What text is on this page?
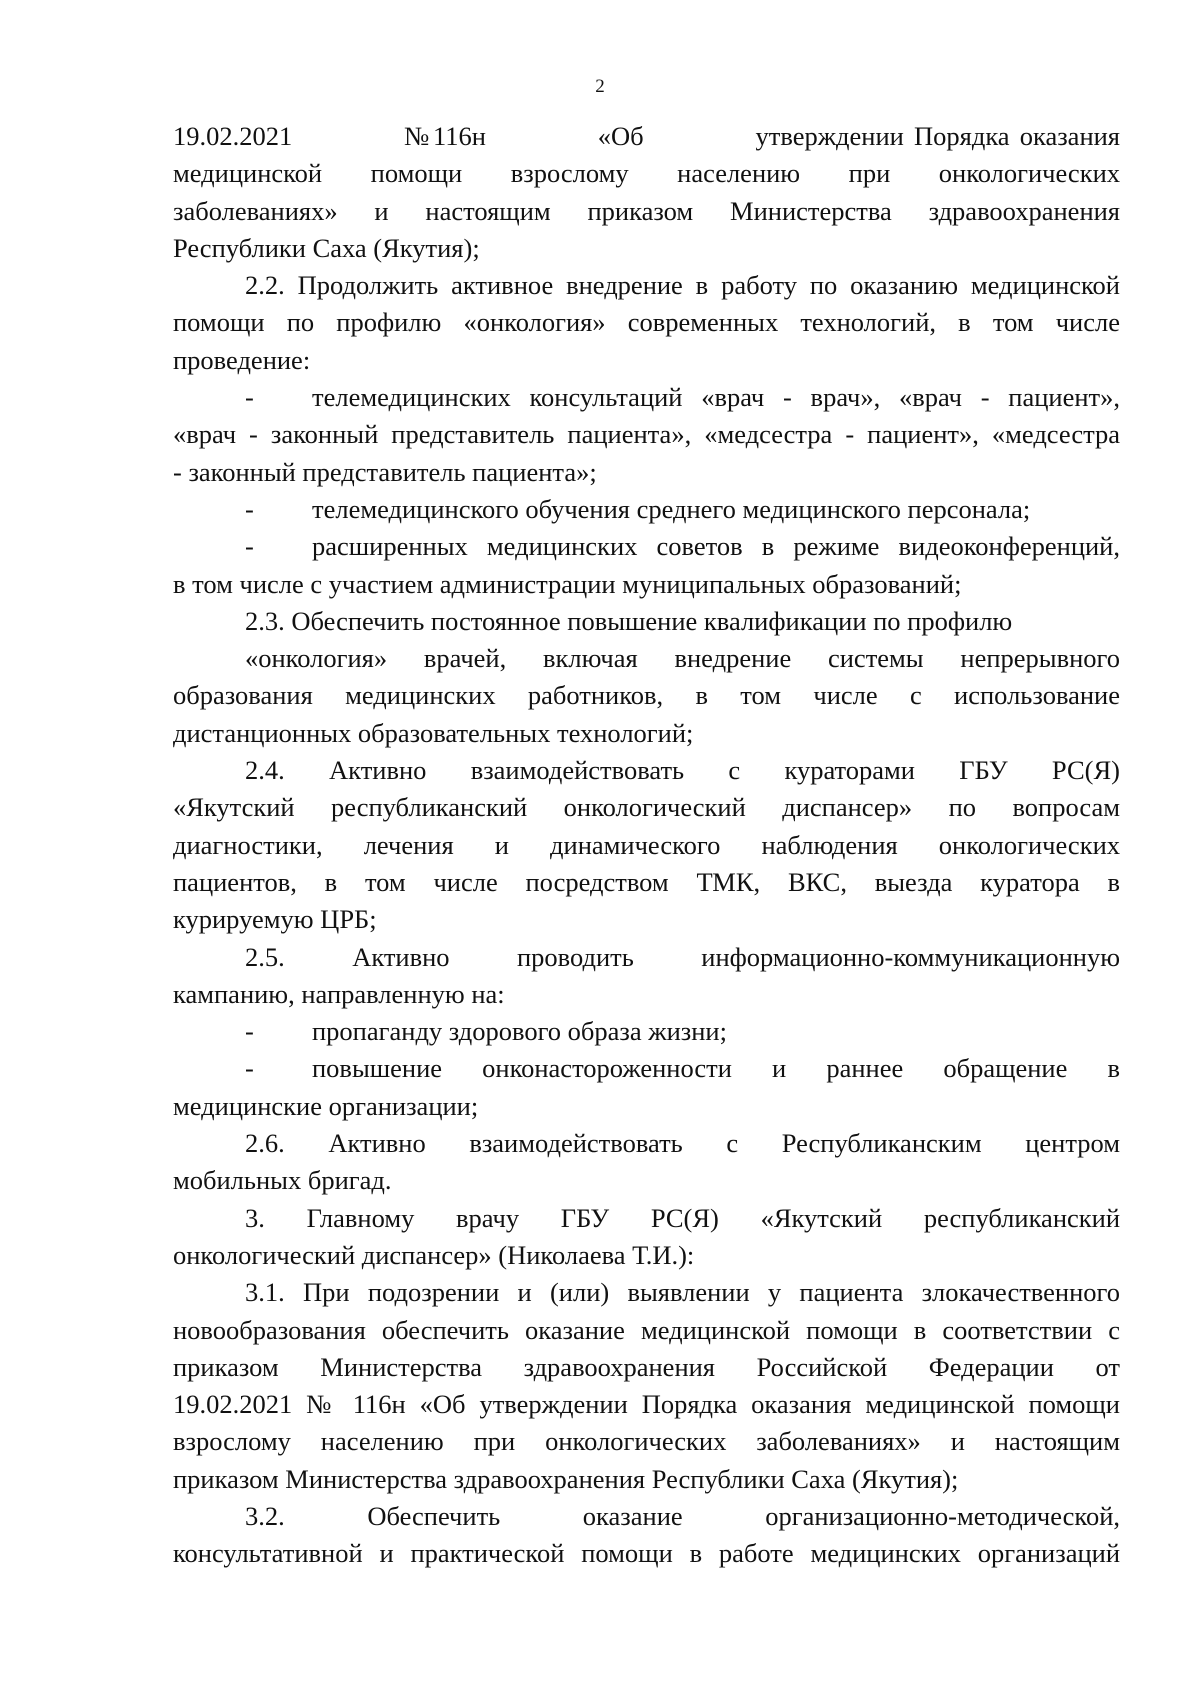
2
19.02.2021           №116н           «Об           утверждении Порядка оказания
медицинской помощи взрослому населению при онкологических
заболеваниях» и настоящим приказом Министерства здравоохранения
Республики Саха (Якутия);
2.2. Продолжить активное внедрение в работу по оказанию медицинской
помощи по профилю «онкология» современных технологий, в том числе
проведение:
- телемедицинских консультаций «врач - врач», «врач - пациент»,
«врач - законный представитель пациента», «медсестра - пациент», «медсестра
- законный представитель пациента»;
- телемедицинского обучения среднего медицинского персонала;
- расширенных медицинских советов в режиме видеоконференций,
в том числе с участием администрации муниципальных образований;
2.3. Обеспечить постоянное повышение квалификации по профилю
«онкология» врачей, включая внедрение системы непрерывного
образования медицинских работников, в том числе с использование
дистанционных образовательных технологий;
2.4. Активно взаимодействовать с кураторами ГБУ РС(Я)
«Якутский республиканский онкологический диспансер» по вопросам
диагностики, лечения и динамического наблюдения онкологических
пациентов, в том числе посредством ТМК, ВКС, выезда куратора в
курируемую ЦРБ;
2.5. Активно проводить информационно-коммуникационную
кампанию, направленную на:
- пропаганду здорового образа жизни;
- повышение онконастороженности и раннее обращение в
медицинские организации;
2.6. Активно взаимодействовать с Республиканским центром
мобильных бригад.
3. Главному врачу ГБУ РС(Я) «Якутский республиканский
онкологический диспансер» (Николаева Т.И.):
3.1. При подозрении и (или) выявлении у пациента злокачественного
новообразования обеспечить оказание медицинской помощи в соответствии с
приказом Министерства здравоохранения Российской Федерации от
19.02.2021 № 116н «Об утверждении Порядка оказания медицинской помощи
взрослому населению при онкологических заболеваниях» и настоящим
приказом Министерства здравоохранения Республики Саха (Якутия);
3.2. Обеспечить оказание организационно-методической,
консультативной и практической помощи в работе медицинских организаций
